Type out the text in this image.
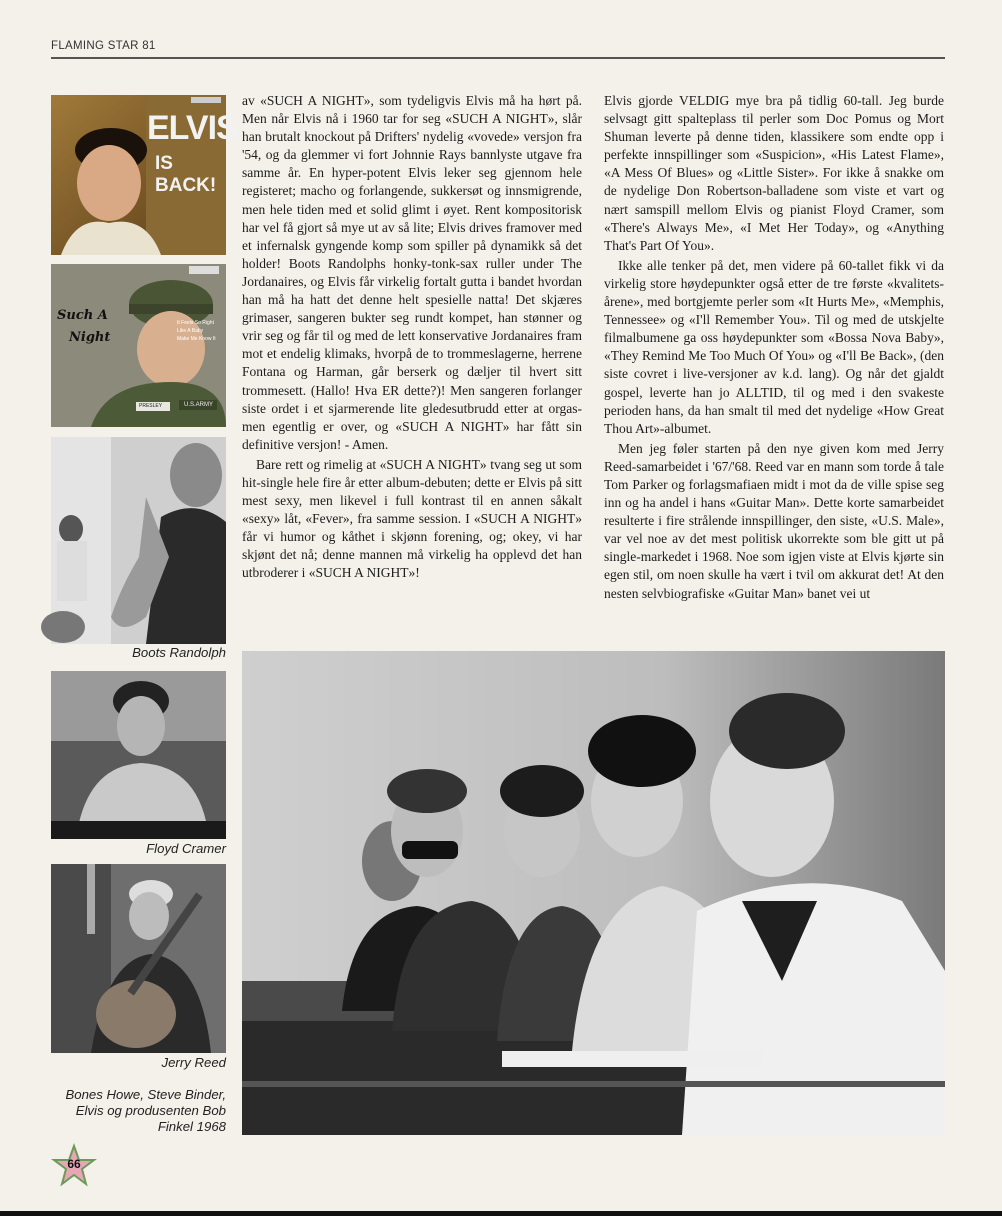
FLAMING STAR 81
ELVIS
IS BACK!
Such A
Night
It Feels So Right
Like A Baby
Make Me Know It
PRESLEY	U.S.ARMY
Boots Randolph
Floyd Cramer
Jerry Reed
Bones Howe, Steve Binder, Elvis og produsenten Bob Finkel 1968

av «SUCH A NIGHT», som tydeligvis Elvis må ha hørt på. Men når Elvis nå i 1960 tar for seg «SUCH A NIGHT», slår han brutalt knockout på Drifters' nydelig «vovede» versjon fra '54, og da glemmer vi fort Johnnie Rays bannlyste utgave fra samme år. En hyper-potent Elvis leker seg gjennom hele registeret; macho og forlangende, sukkersøt og innsmigrende, men hele tiden med et solid glimt i øyet. Rent kompositorisk har vel få gjort så mye ut av så lite; Elvis drives framover med et infernalsk gyngende komp som spiller på dynamikk så det holder! Boots Randolphs honky-tonk-sax ruller under The Jordanaires, og Elvis får virkelig fortalt gutta i bandet hvordan han må ha hatt det denne helt spesielle natta! Det skjæres grimaser, sangeren bukter seg rundt kompet, han stønner og vrir seg og får til og med de lett konservative Jordanaires fram mot et endelig klimaks, hvorpå de to trommeslagerne, herrene Fontana og Harman, går berserk og dæljer til hvert sitt trommesett. (Hallo! Hva ER dette?)! Men sangeren forlanger siste ordet i et sjarmerende lite gledesutbrudd etter at orgas-men egentlig er over, og «SUCH A NIGHT» har fått sin definitive versjon! - Amen.

Bare rett og rimelig at «SUCH A NIGHT» tvang seg ut som hit-single hele fire år etter album-debuten; dette er Elvis på sitt mest sexy, men likevel i full kontrast til en annen såkalt «sexy» låt, «Fever», fra samme session. I «SUCH A NIGHT» får vi humor og kåthet i skjønn forening, og; okey, vi har skjønt det nå; denne mannen må virkelig ha opplevd det han utbroderer i «SUCH A NIGHT»!

Elvis gjorde VELDIG mye bra på tidlig 60-tall. Jeg burde selvsagt gitt spalteplass til perler som Doc Pomus og Mort Shuman leverte på denne tiden, klassikere som endte opp i perfekte innspillinger som «Suspicion», «His Latest Flame», «A Mess Of Blues» og «Little Sister». For ikke å snakke om de nydelige Don Robertson-balladene som viste et vart og nært samspill mellom Elvis og pianist Floyd Cramer, som «There's Always Me», «I Met Her Today», og «Anything That's Part Of You».

Ikke alle tenker på det, men videre på 60-tallet fikk vi da virkelig store høydepunkter også etter de tre første «kvalitets-årene», med bortgjemte perler som «It Hurts Me», «Memphis, Tennessee» og «I'll Remember You». Til og med de utskjelte filmalbumene ga oss høydepunkter som «Bossa Nova Baby», «They Remind Me Too Much Of You» og «I'll Be Back», (den siste covret i live-versjoner av k.d. lang). Og når det gjaldt gospel, leverte han jo ALLTID, til og med i den svakeste perioden hans, da han smalt til med det nydelige «How Great Thou Art»-albumet.

Men jeg føler starten på den nye given kom med Jerry Reed-samarbeidet i '67/'68. Reed var en mann som torde å tale Tom Parker og forlagsmafiaen midt i mot da de ville spise seg inn og ha andel i hans «Guitar Man». Dette korte samarbeidet resulterte i fire strålende innspillinger, den siste, «U.S. Male», var vel noe av det mest politisk ukorrekte som ble gitt ut på single-markedet i 1968. Noe som igjen viste at Elvis kjørte sin egen stil, om noen skulle ha vært i tvil om akkurat det! At den nesten selvbiografiske «Guitar Man» banet vei ut

66
